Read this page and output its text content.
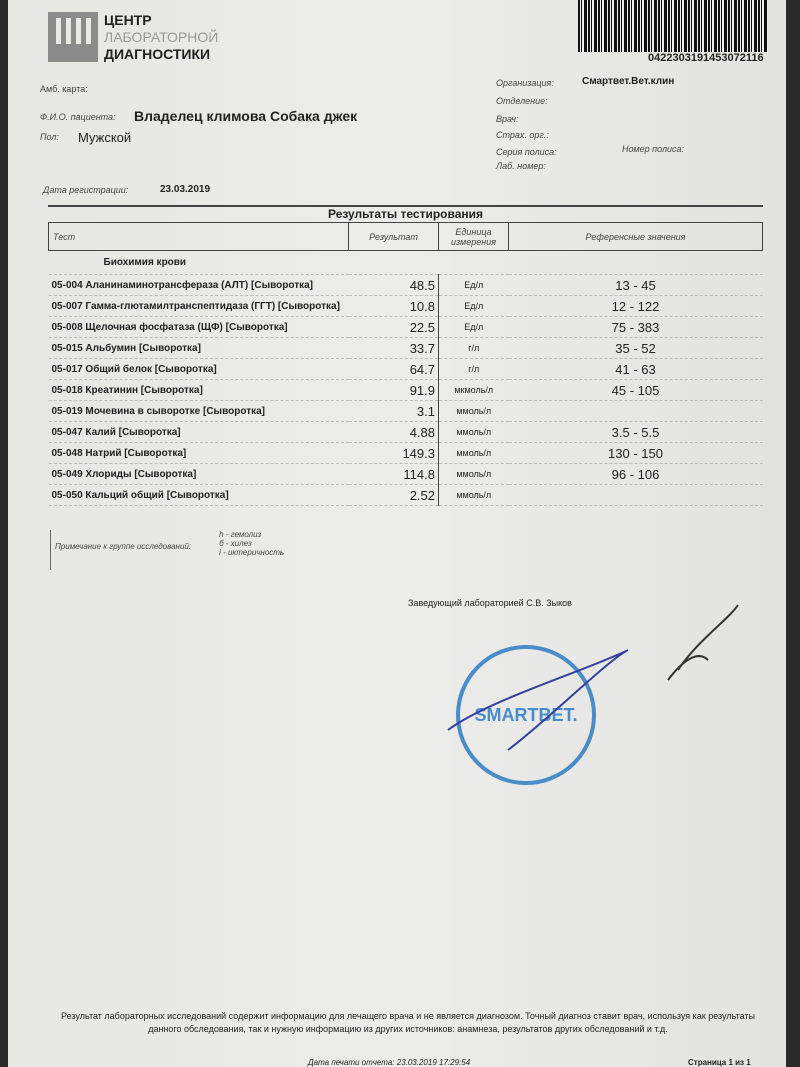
ЦЕНТР
ЛАБОРАТОРНОЙ
ДИАГНОСТИКИ	0422303191453072116
Амб. карта:
Ф.И.О. пациента: Владелец климова Собака джек
Пол: Мужской
Дата регистрации:	23.03.2019
Организация:	Смартвет.Вет.клин
Отделение:
Врач:
Страх. орг.:
Серия полиса:	Номер полиса:
Лаб. номер:
Результаты тестирования
Тест	Результат	Единица измерения	Референсные значения
Биохимия крови			
05-004 Аланинаминотрансфераза (АЛТ) [Сыворотка]	48.5	Ед/л	13 - 45
05-007 Гамма-глютамилтранспептидаза (ГГТ) [Сыворотка]	10.8	Ед/л	12 - 122
05-008 Щелочная фосфатаза (ЩФ) [Сыворотка]	22.5	Ед/л	75 - 383
05-015 Альбумин [Сыворотка]	33.7	г/л	35 - 52
05-017 Общий белок [Сыворотка]	64.7	г/л	41 - 63
05-018 Креатинин [Сыворотка]	91.9	мкмоль/л	45 - 105
05-019 Мочевина в сыворотке [Сыворотка]	3.1	ммоль/л	
05-047 Калий [Сыворотка]	4.88	ммоль/л	3.5 - 5.5
05-048 Натрий [Сыворотка]	149.3	ммоль/л	130 - 150
05-049 Хлориды [Сыворотка]	114.8	ммоль/л	96 - 106
05-050 Кальций общий [Сыворотка]	2.52	ммоль/л	
Примечание к группе исследований:
h - гемолиз
б - хилез
i - иктеричность
Заведующий лабораторией С.В. Зыков
SMARTBET.
Результат лабораторных исследований содержит информацию для лечащего врача и не является диагнозом. Точный диагноз ставит врач, используя как результаты данного обследования, так и нужную информацию из других источников: анамнеза, результатов других обследований и т.д.
Дата печати отчета: 23.03.2019 17:29:54	Страница 1 из 1
